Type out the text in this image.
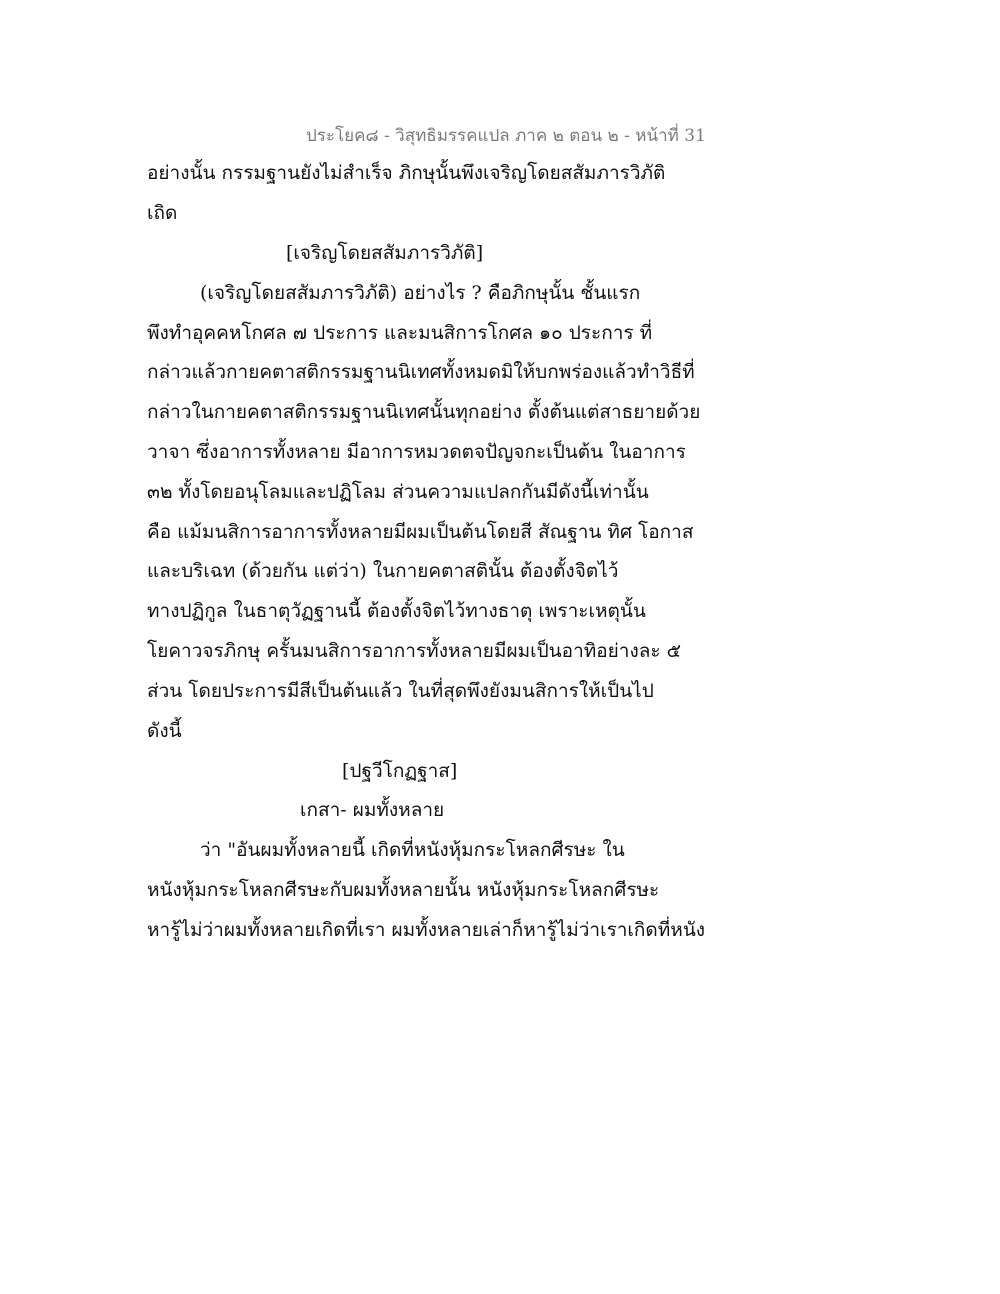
ประโยค๘ - วิสุทธิมรรคแปล ภาค ๒ ตอน ๒ - หน้าที่ 31
อย่างนั้น กรรมฐานยังไม่สำเร็จ ภิกษุนั้นพึงเจริญโดยสสัมภารวิภัติ
เถิด
[เจริญโดยสสัมภารวิภัติ]
(เจริญโดยสสัมภารวิภัติ) อย่างไร ? คือภิกษุนั้น ชั้นแรก
พึงทำอุคคหโกศล ๗ ประการ และมนสิการโกศล ๑๐ ประการ ที่
กล่าวแล้วกายคตาสติกรรมฐานนิเทศทั้งหมดมิให้บกพร่องแล้วทำวิธีที่
กล่าวในกายคตาสติกรรมฐานนิเทศนั้นทุกอย่าง ตั้งต้นแต่สาธยายด้วย
วาจา ซึ่งอาการทั้งหลาย มีอาการหมวดตจปัญจกะเป็นต้น ในอาการ
๓๒ ทั้งโดยอนุโลมและปฏิโลม ส่วนความแปลกกันมีดังนี้เท่านั้น
คือ แม้มนสิการอาการทั้งหลายมีผมเป็นต้นโดยสี สัณฐาน ทิศ โอกาส
และบริเฉท (ด้วยกัน แต่ว่า) ในกายคตาสตินั้น ต้องตั้งจิตไว้
ทางปฏิกูล ในธาตุวัฏฐานนี้ ต้องตั้งจิตไว้ทางธาตุ เพราะเหตุนั้น
โยคาวจรภิกษุ ครั้นมนสิการอาการทั้งหลายมีผมเป็นอาทิอย่างละ ๕
ส่วน โดยประการมีสีเป็นต้นแล้ว ในที่สุดพึงยังมนสิการให้เป็นไป
ดังนี้
[ปฐวีโกฏฐาส]
เกสา- ผมทั้งหลาย
ว่า "อันผมทั้งหลายนี้ เกิดที่หนังหุ้มกระโหลกศีรษะ ใน
หนังหุ้มกระโหลกศีรษะกับผมทั้งหลายนั้น หนังหุ้มกระโหลกศีรษะ
หารู้ไม่ว่าผมทั้งหลายเกิดที่เรา ผมทั้งหลายเล่าก็หารู้ไม่ว่าเราเกิดที่หนัง
